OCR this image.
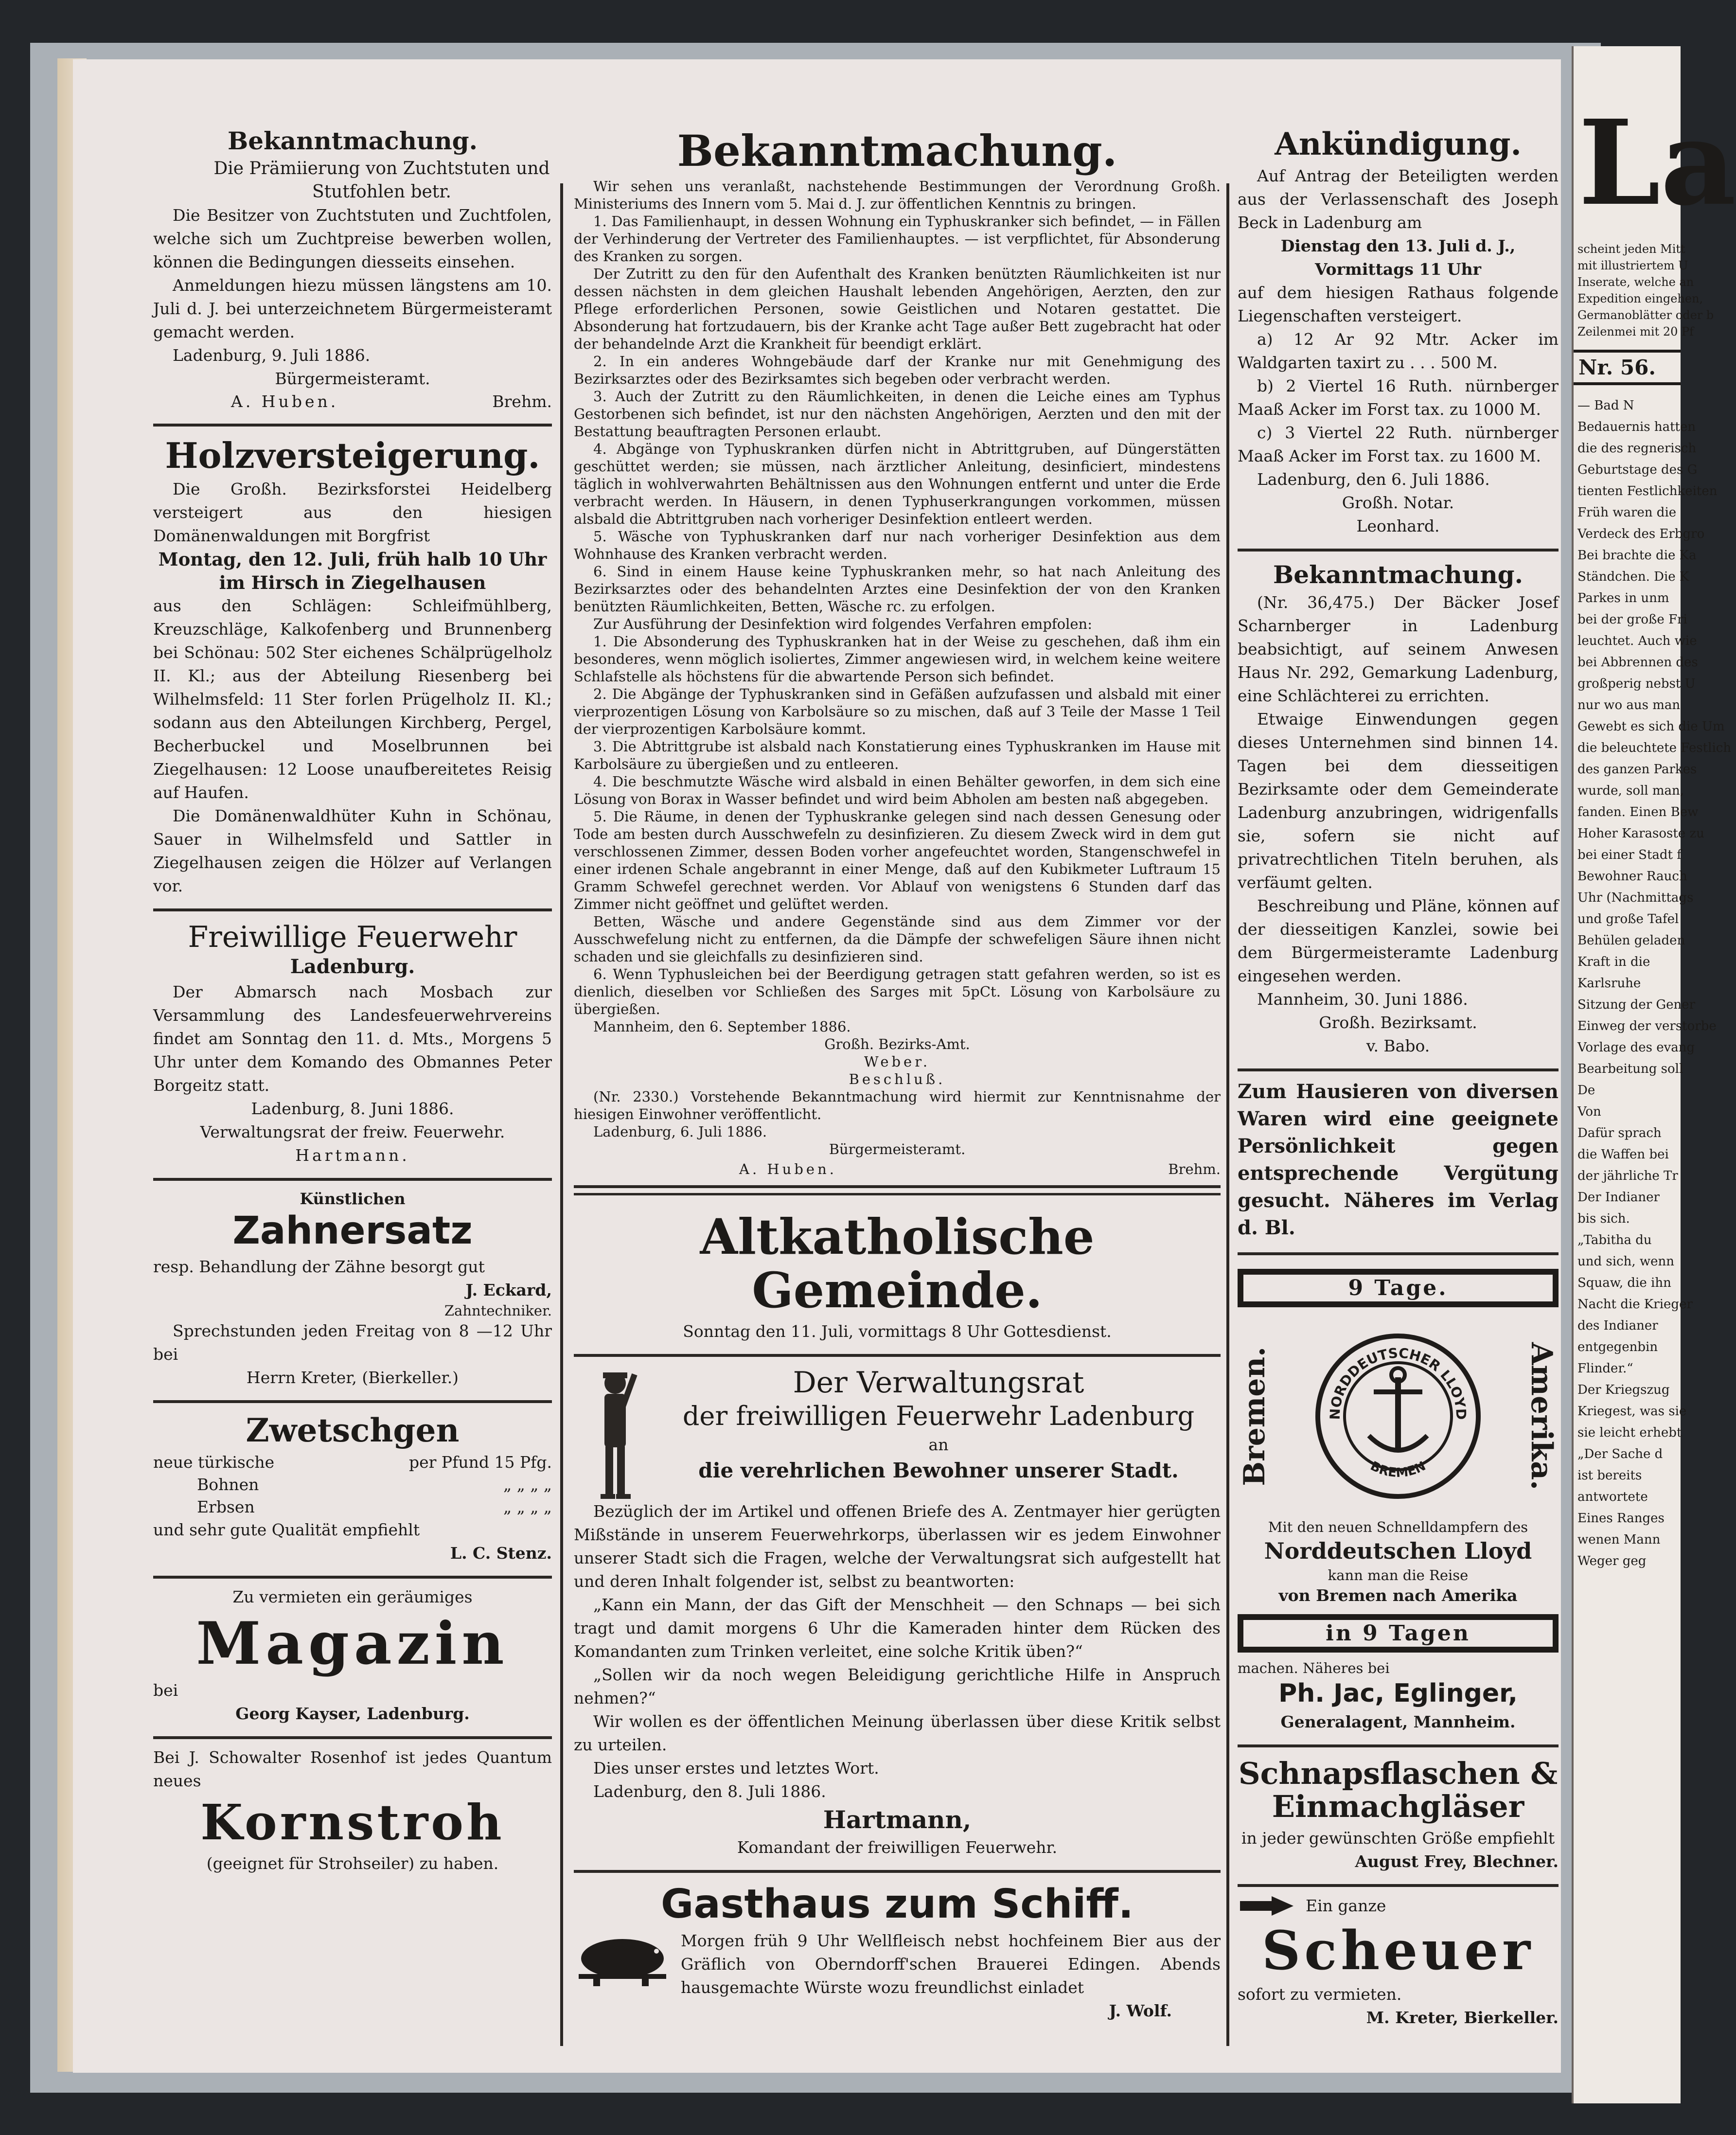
Bekanntmachung.

Die Prämiierung von Zuchtstuten und Stutfohlen betr.

Die Besitzer von Zuchtstuten und Zuchtfolen, welche sich um Zuchtpreise bewerben wollen, können die Bedingungen diesseits einsehen.

Anmeldungen hiezu müssen längstens am 10. Juli d. J. bei unterzeichnetem Bürgermeisteramt gemacht werden.

Ladenburg, 9. Juli 1886.

Bürgermeisteramt.

A. Huben.	Brehm.
Holzversteigerung.

Die Großh. Bezirksforstei Heidelberg versteigert aus den hiesigen Domänenwaldungen mit Borgfrist

Montag, den 12. Juli, früh halb 10 Uhr im Hirsch in Ziegelhausen

aus den Schlägen: Schleifmühlberg, Kreuzschläge, Kalkofenberg und Brunnenberg bei Schönau: 502 Ster eichenes Schälprügelholz II. Kl.; aus der Abteilung Riesenberg bei Wilhelmsfeld: 11 Ster forlen Prügelholz II. Kl.; sodann aus den Abteilungen Kirchberg, Pergel, Becherbuckel und Moselbrunnen bei Ziegelhausen: 12 Loose unaufbereitetes Reisig auf Haufen.

Die Domänenwaldhüter Kuhn in Schönau, Sauer in Wilhelmsfeld und Sattler in Ziegelhausen zeigen die Hölzer auf Verlangen vor.

Freiwillige Feuerwehr
Ladenburg.

Der Abmarsch nach Mosbach zur Versammlung des Landesfeuerwehrvereins findet am Sonntag den 11. d. Mts., Morgens 5 Uhr unter dem Komando des Obmannes Peter Borgeitz statt.

Ladenburg, 8. Juni 1886.

Verwaltungsrat der freiw. Feuerwehr.

Hartmann.

Künstlichen
Zahnersatz

resp. Behandlung der Zähne besorgt gut

J. Eckard,

Zahntechniker.

Sprechstunden jeden Freitag von 8 —12 Uhr bei

Herrn Kreter, (Bierkeller.)

Zwetschgen
neue türkische	per Pfund 15 Pfg.
Bohnen	„ „ „ „
Erbsen	„ „ „ „

und sehr gute Qualität empfiehlt

L. C. Stenz.

Zu vermieten ein geräumiges

Magazin

bei

Georg Kayser, Ladenburg.

Bei J. Schowalter Rosenhof ist jedes Quantum neues

Kornstroh

(geeignet für Strohseiler) zu haben.

Bekanntmachung.

Wir sehen uns veranlaßt, nachstehende Bestimmungen der Verordnung Großh. Ministeriums des Innern vom 5. Mai d. J. zur öffentlichen Kenntnis zu bringen.

1. Das Familienhaupt, in dessen Wohnung ein Typhuskranker sich befindet, — in Fällen der Verhinderung der Vertreter des Familienhauptes. — ist verpflichtet, für Absonderung des Kranken zu sorgen.

Der Zutritt zu den für den Aufenthalt des Kranken benützten Räumlichkeiten ist nur dessen nächsten in dem gleichen Haushalt lebenden Angehörigen, Aerzten, den zur Pflege erforderlichen Personen, sowie Geistlichen und Notaren gestattet. Die Absonderung hat fortzudauern, bis der Kranke acht Tage außer Bett zugebracht hat oder der behandelnde Arzt die Krankheit für beendigt erklärt.

2. In ein anderes Wohngebäude darf der Kranke nur mit Genehmigung des Bezirksarztes oder des Bezirksamtes sich begeben oder verbracht werden.

3. Auch der Zutritt zu den Räumlichkeiten, in denen die Leiche eines am Typhus Gestorbenen sich befindet, ist nur den nächsten Angehörigen, Aerzten und den mit der Bestattung beauftragten Personen erlaubt.

4. Abgänge von Typhuskranken dürfen nicht in Abtrittgruben, auf Düngerstätten geschüttet werden; sie müssen, nach ärztlicher Anleitung, desinficiert, mindestens täglich in wohlverwahrten Behältnissen aus den Wohnungen entfernt und unter die Erde verbracht werden. In Häusern, in denen Typhuserkrangungen vorkommen, müssen alsbald die Abtrittgruben nach vorheriger Desinfektion entleert werden.

5. Wäsche von Typhuskranken darf nur nach vorheriger Desinfektion aus dem Wohnhause des Kranken verbracht werden.

6. Sind in einem Hause keine Typhuskranken mehr, so hat nach Anleitung des Bezirksarztes oder des behandelnten Arztes eine Desinfektion der von den Kranken benützten Räumlichkeiten, Betten, Wäsche rc. zu erfolgen.

Zur Ausführung der Desinfektion wird folgendes Verfahren empfolen:

1. Die Absonderung des Typhuskranken hat in der Weise zu geschehen, daß ihm ein besonderes, wenn möglich isoliertes, Zimmer angewiesen wird, in welchem keine weitere Schlafstelle als höchstens für die abwartende Person sich befindet.

2. Die Abgänge der Typhuskranken sind in Gefäßen aufzufassen und alsbald mit einer vierprozentigen Lösung von Karbolsäure so zu mischen, daß auf 3 Teile der Masse 1 Teil der vierprozentigen Karbolsäure kommt.

3. Die Abtrittgrube ist alsbald nach Konstatierung eines Typhuskranken im Hause mit Karbolsäure zu übergießen und zu entleeren.

4. Die beschmutzte Wäsche wird alsbald in einen Behälter geworfen, in dem sich eine Lösung von Borax in Wasser befindet und wird beim Abholen am besten naß abgegeben.

5. Die Räume, in denen der Typhuskranke gelegen sind nach dessen Genesung oder Tode am besten durch Ausschwefeln zu desinfizieren. Zu diesem Zweck wird in dem gut verschlossenen Zimmer, dessen Boden vorher angefeuchtet worden, Stangenschwefel in einer irdenen Schale angebrannt in einer Menge, daß auf den Kubikmeter Luftraum 15 Gramm Schwefel gerechnet werden. Vor Ablauf von wenigstens 6 Stunden darf das Zimmer nicht geöffnet und gelüftet werden.

Betten, Wäsche und andere Gegenstände sind aus dem Zimmer vor der Ausschwefelung nicht zu entfernen, da die Dämpfe der schwefeligen Säure ihnen nicht schaden und sie gleichfalls zu desinfizieren sind.

6. Wenn Typhusleichen bei der Beerdigung getragen statt gefahren werden, so ist es dienlich, dieselben vor Schließen des Sarges mit 5pCt. Lösung von Karbolsäure zu übergießen.

Mannheim, den 6. September 1886.

Großh. Bezirks-Amt.

Weber.

Beschluß.

(Nr. 2330.) Vorstehende Bekanntmachung wird hiermit zur Kenntnisnahme der hiesigen Einwohner veröffentlicht.

Ladenburg, 6. Juli 1886.

Bürgermeisteramt.

A. Huben.	Brehm.
Altkatholische Gemeinde.

Sonntag den 11. Juli, vormittags 8 Uhr Gottesdienst.

Der Verwaltungsrat
der freiwilligen Feuerwehr Ladenburg

an

die verehrlichen Bewohner unserer Stadt.

Bezüglich der im Artikel und offenen Briefe des A. Zentmayer hier gerügten Mißstände in unserem Feuerwehrkorps, überlassen wir es jedem Einwohner unserer Stadt sich die Fragen, welche der Verwaltungsrat sich aufgestellt hat und deren Inhalt folgender ist, selbst zu beantworten:

„Kann ein Mann, der das Gift der Menschheit — den Schnaps — bei sich tragt und damit morgens 6 Uhr die Kameraden hinter dem Rücken des Komandanten zum Trinken verleitet, eine solche Kritik üben?“

„Sollen wir da noch wegen Beleidigung gerichtliche Hilfe in Anspruch nehmen?“

Wir wollen es der öffentlichen Meinung überlassen über diese Kritik selbst zu urteilen.

Dies unser erstes und letztes Wort.

Ladenburg, den 8. Juli 1886.

Hartmann,

Komandant der freiwilligen Feuerwehr.

Gasthaus zum Schiff.

Morgen früh 9 Uhr Wellfleisch nebst hochfeinem Bier aus der Gräflich von Oberndorff'schen Brauerei Edingen. Abends hausgemachte Würste wozu freundlichst einladet

J. Wolf.

Ankündigung.

Auf Antrag der Beteiligten werden aus der Verlassenschaft des Joseph Beck in Ladenburg am

Dienstag den 13. Juli d. J.,

Vormittags 11 Uhr

auf dem hiesigen Rathaus folgende Liegenschaften versteigert.

a) 12 Ar 92 Mtr. Acker im Waldgarten taxirt zu . . . 500 M.

b) 2 Viertel 16 Ruth. nürnberger Maaß Acker im Forst tax. zu 1000 M.

c) 3 Viertel 22 Ruth. nürnberger Maaß Acker im Forst tax. zu 1600 M.

Ladenburg, den 6. Juli 1886.

Großh. Notar.

Leonhard.

Bekanntmachung.

(Nr. 36,475.) Der Bäcker Josef Scharnberger in Ladenburg beabsichtigt, auf seinem Anwesen Haus Nr. 292, Gemarkung Ladenburg, eine Schlächterei zu errichten.

Etwaige Einwendungen gegen dieses Unternehmen sind binnen 14. Tagen bei dem diesseitigen Bezirksamte oder dem Gemeinderate Ladenburg anzubringen, widrigenfalls sie, sofern sie nicht auf privatrechtlichen Titeln beruhen, als verfäumt gelten.

Beschreibung und Pläne, können auf der diesseitigen Kanzlei, sowie bei dem Bürgermeisteramte Ladenburg eingesehen werden.

Mannheim, 30. Juni 1886.

Großh. Bezirksamt.

v. Babo.

Zum Hausieren von diversen Waren wird eine geeignete Persönlichkeit gegen entsprechende Vergütung gesucht. Näheres im Verlag d. Bl.

9 Tage.
Bremen.	NORDDEUTSCHER LLOYD
BREMEN	Amerika.

Mit den neuen Schnelldampfern des

Norddeutschen Lloyd

kann man die Reise

von Bremen nach Amerika

in 9 Tagen

machen. Näheres bei

Ph. Jac, Eglinger,

Generalagent, Mannheim.

Schnapsflaschen & Einmachgläser

in jeder gewünschten Größe empfiehlt

August Frey, Blechner.

Ein ganze
Scheuer

sofort zu vermieten.

M. Kreter, Bierkeller.

La
scheint jeden Mitt
mit illustriertem U
Inserate, welche an
Expedition eingehen,
Germanoblätter oder b
Zeilenmei mit 20 Pf
Nr. 56.
— Bad N
Bedauernis hatten
die des regnerisch
Geburtstage des G
tienten Festlichkeiten
Früh waren die
Verdeck des Erbgro
Bei brachte die Ka
Ständchen. Die K
Parkes in unm
bei der große Fri
leuchtet. Auch wie
bei Abbrennen des
großperig nebst U
nur wo aus man
Gewebt es sich die Um
die beleuchtete Festlich
des ganzen Parkes
wurde, soll man,
fanden. Einen Bew
Hoher Karasoste zu
bei einer Stadt f
Bewohner Rauch
Uhr (Nachmittags
und große Tafel
Behülen geladen
Kraft in die
Karlsruhe
Sitzung der Gener
Einweg der verstorbe
Vorlage des evang
Bearbeitung soll
De
Von
Dafür sprach
die Waffen bei
der jährliche Tr
Der Indianer
bis sich.
„Tabitha du
und sich, wenn
Squaw, die ihn
Nacht die Krieger
des Indianer
entgegenbin
Flinder.“
Der Kriegszug
Kriegest, was sie
sie leicht erhebt
„Der Sache d
ist bereits
antwortete
Eines Ranges
wenen Mann
Weger geg
